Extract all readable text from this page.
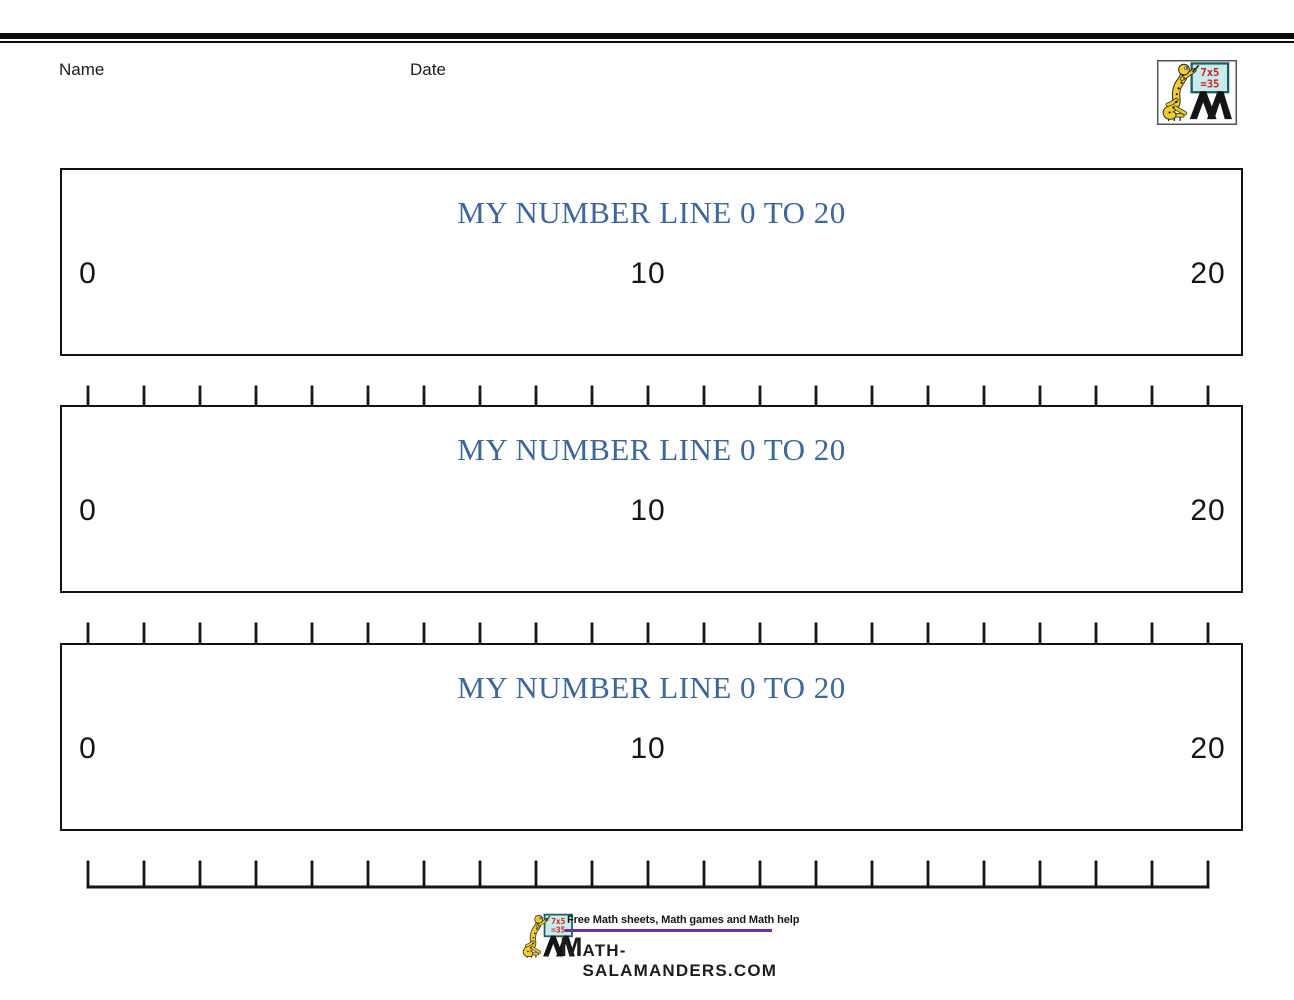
Name	Date
MY NUMBER LINE 0 TO 20
0	10	20
MY NUMBER LINE 0 TO 20
0	10	20
MY NUMBER LINE 0 TO 20
0	10	20
Free Math sheets, Math games and Math help
M ATH-SALAMANDERS.COM
